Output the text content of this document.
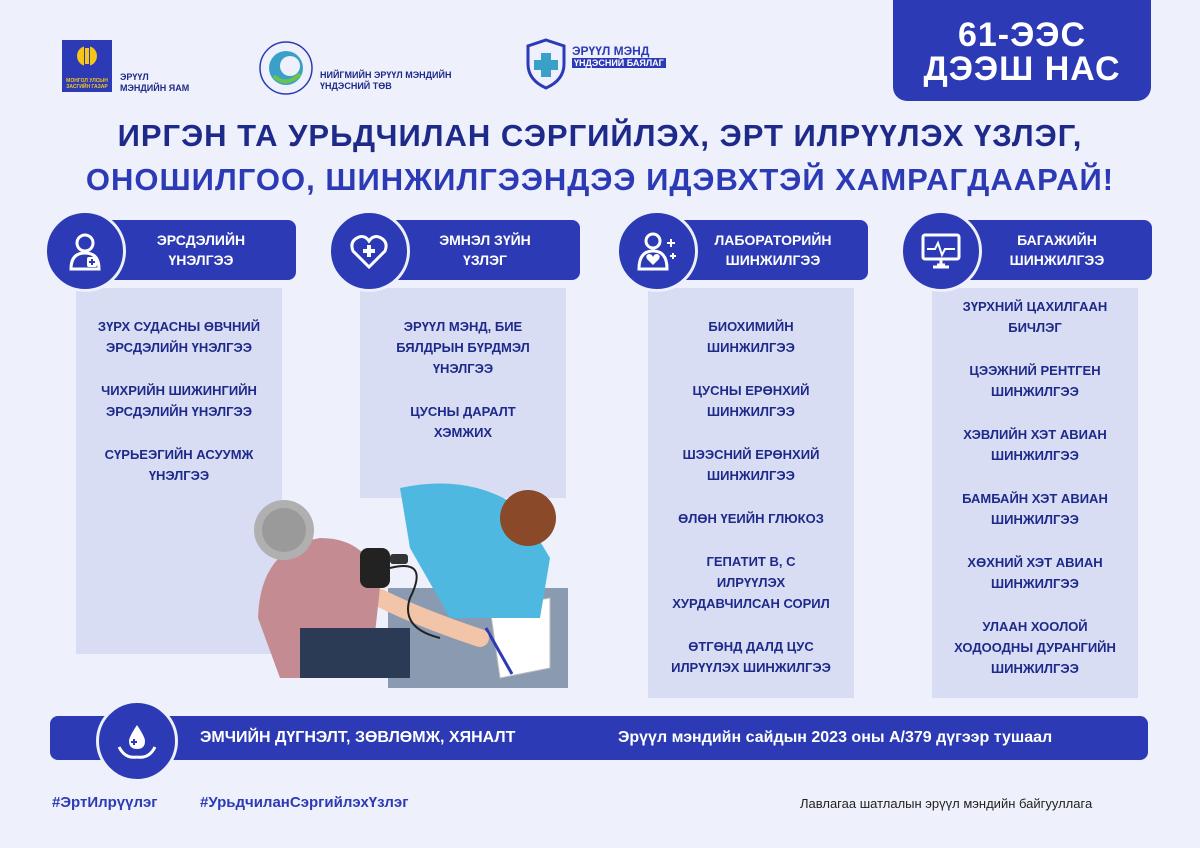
МОНГОЛ УЛСЫН ЗАСГИЙН ГАЗАР
ЭРҮҮЛ
МЭНДИЙН ЯАМ
НИЙГМИЙН ЭРҮҮЛ МЭНДИЙН
ҮНДЭСНИЙ ТӨВ
ЭРҮҮЛ МЭНД
ҮНДЭСНИЙ БАЯЛАГ
61-ЭЭС
ДЭЭШ НАС
ИРГЭН ТА УРЬДЧИЛАН СЭРГИЙЛЭХ, ЭРТ ИЛРҮҮЛЭХ ҮЗЛЭГ,
ОНОШИЛГОО, ШИНЖИЛГЭЭНДЭЭ ИДЭВХТЭЙ ХАМРАГДААРАЙ!
ЭРСДЭЛИЙН
ҮНЭЛГЭЭ
ЗҮРХ СУДАСНЫ ӨВЧНИЙ
ЭРСДЭЛИЙН ҮНЭЛГЭЭ
ЧИХРИЙН ШИЖИНГИЙН
ЭРСДЭЛИЙН ҮНЭЛГЭЭ
СҮРЬЕЭГИЙН АСУУМЖ
ҮНЭЛГЭЭ
ЭМНЭЛ ЗҮЙН
ҮЗЛЭГ
ЭРҮҮЛ МЭНД, БИЕ
БЯЛДРЫН БҮРДМЭЛ
ҮНЭЛГЭЭ
ЦУСНЫ ДАРАЛТ
ХЭМЖИХ
ЛАБОРАТОРИЙН
ШИНЖИЛГЭЭ
БИОХИМИЙН
ШИНЖИЛГЭЭ
ЦУСНЫ ЕРӨНХИЙ
ШИНЖИЛГЭЭ
ШЭЭСНИЙ ЕРӨНХИЙ
ШИНЖИЛГЭЭ
ӨЛӨН ҮЕИЙН ГЛЮКОЗ
ГЕПАТИТ В, С
ИЛРҮҮЛЭХ
ХУРДАВЧИЛСАН СОРИЛ
ӨТГӨНД ДАЛД ЦУС
ИЛРҮҮЛЭХ ШИНЖИЛГЭЭ
БАГАЖИЙН
ШИНЖИЛГЭЭ
ЗҮРХНИЙ ЦАХИЛГААН
БИЧЛЭГ
ЦЭЭЖНИЙ РЕНТГЕН
ШИНЖИЛГЭЭ
ХЭВЛИЙН ХЭТ АВИАН
ШИНЖИЛГЭЭ
БАМБАЙН ХЭТ АВИАН
ШИНЖИЛГЭЭ
ХӨХНИЙ ХЭТ АВИАН
ШИНЖИЛГЭЭ
УЛААН ХООЛОЙ
ХОДООДНЫ ДУРАНГИЙН
ШИНЖИЛГЭЭ
ЭМЧИЙН ДҮГНЭЛТ, ЗӨВЛӨМЖ, ХЯНАЛТ	Эрүүл мэндийн сайдын 2023 оны А/379 дүгээр тушаал
#ЭртИлрүүлэг	#УрьдчиланСэргийлэхҮзлэг	Лавлагаа шатлалын эрүүл мэндийн байгууллага
